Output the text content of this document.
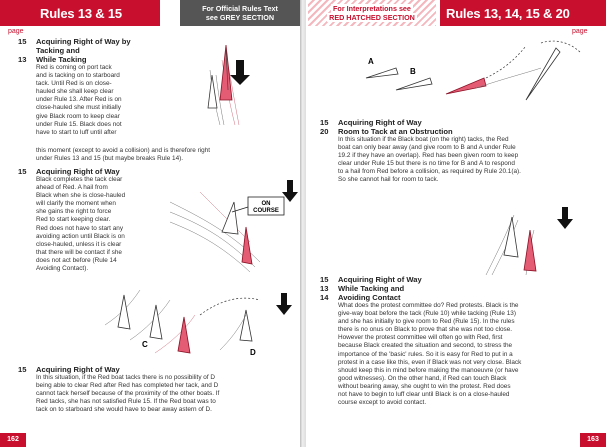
Rules 13 & 15	For Official Rules Text
see GREY SECTION
page
15	Acquiring Right of Way by
Tacking and
13	While Tacking
Red is coming on port tack
and is tacking on to starboard
tack. Until Red is on close-
hauled she shall keep clear
under Rule 13. After Red is on
close-hauled she must initially
give Black room to keep clear
under Rule 15. Black does not
have to start to luff until after
this moment (except to avoid a collision) and is therefore right
under Rules 13 and 15 (but maybe breaks Rule 14).
15	Acquiring Right of Way
Black completes the tack clear
ahead of Red. A hail from
Black when she is close-hauled
will clarify the moment when
she gains the right to force
Red to start keeping clear.
Red does not have to start any
avoiding action until Black is on
close-hauled, unless it is clear
that there will be contact if she
does not act before (Rule 14
Avoiding Contact).
ON
COURSE
C
D
15	Acquiring Right of Way
In this situation, if the Red boat tacks there is no possibility of D
being able to clear Red after Red has completed her tack, and D
cannot tack herself because of the proximity of the other boats. If
Red tacks, she has not satisfied Rule 15. If the Red boat was to
tack on to starboard she would have to bear away astern of D.
162
For Interpretations see
RED HATCHED SECTION	Rules 13, 14, 15 & 20
page
A
B
15	Acquiring Right of Way
20	Room to Tack at an Obstruction
In this situation if the Black boat (on the right) tacks, the Red
boat can only bear away (and give room to B and A under Rule
19.2 if they have an overlap). Red has been given room to keep
clear under Rule 15 but there is no time for B and A to respond
to a hail from Red before a collision, as required by Rule 20.1(a).
So she cannot hail for room to tack.
15	Acquiring Right of Way
13	While Tacking and
14	Avoiding Contact
What does the protest committee do? Red protests. Black is the
give-way boat before the tack (Rule 10) while tacking (Rule 13)
and she has initially to give room to Red (Rule 15). In the rules
there is no onus on Black to prove that she was not too close.
However the protest committee will often go with Red, first
because Black created the situation and second, to stress the
importance of the 'basic' rules. So it is easy for Red to put in a
protest in a case like this, even if Black was not very close. Black
should keep this in mind before making the manoeuvre (or have
good witnesses). On the other hand, if Red can touch Black
without bearing away, she ought to win the protest. Red does
not have to begin to luff clear until Black is on a close-hauled
course except to avoid contact.
163
